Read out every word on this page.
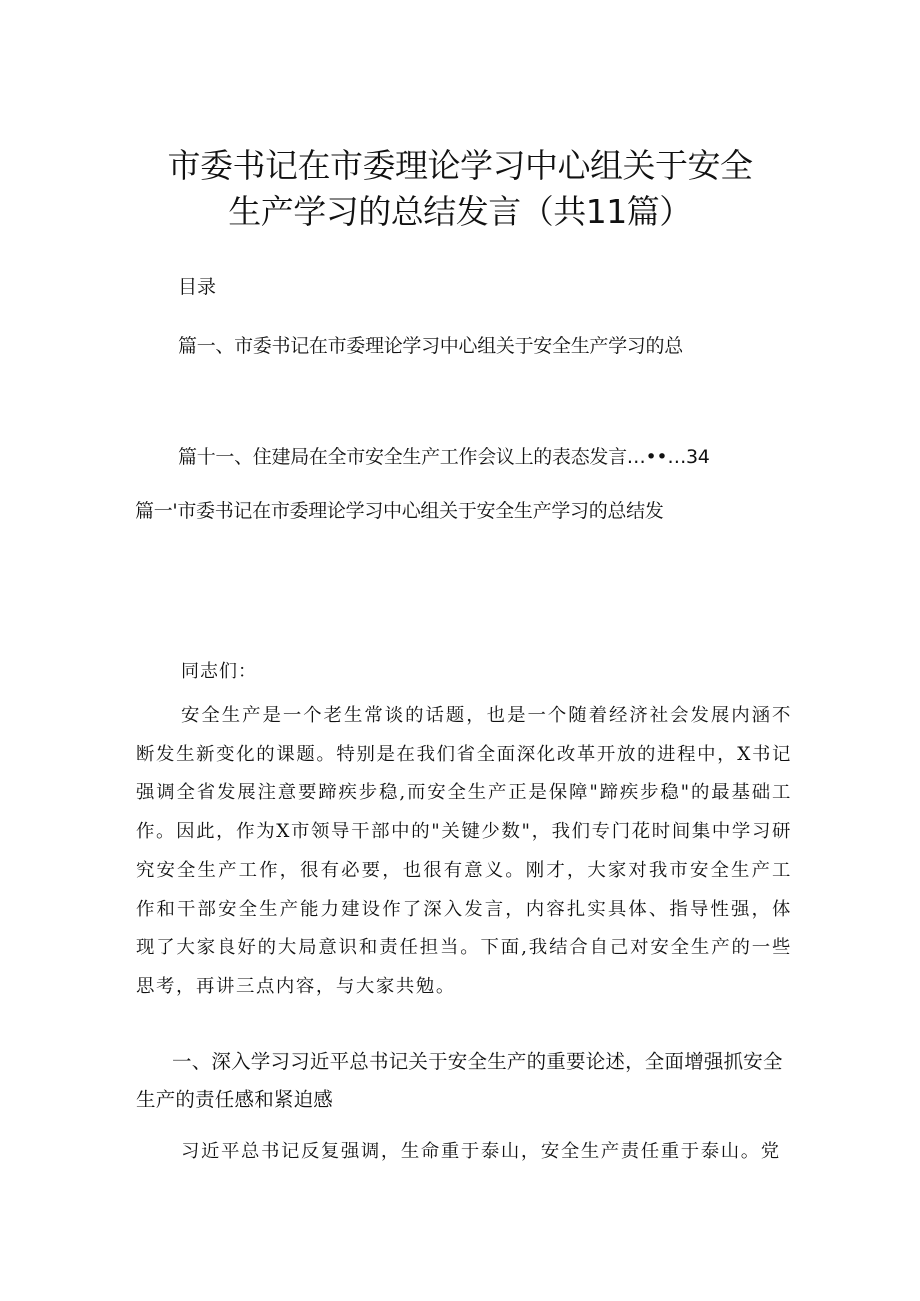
市委书记在市委理论学习中心组关于安全
生产学习的总结发言（共11篇）
目录
篇一、市委书记在市委理论学习中心组关于安全生产学习的总
篇十一、住建局在全市安全生产工作会议上的表态发言…••…34
篇一'市委书记在市委理论学习中心组关于安全生产学习的总结发
同志们：

安全生产是一个老生常谈的话题，也是一个随着经济社会发展内涵不断发生新变化的课题。特别是在我们省全面深化改革开放的进程中，X书记强调全省发展注意要蹄疾步稳,而安全生产正是保障"蹄疾步稳"的最基础工作。因此，作为X市领导干部中的"关键少数"，我们专门花时间集中学习研究安全生产工作，很有必要，也很有意义。刚才，大家对我市安全生产工作和干部安全生产能力建设作了深入发言，内容扎实具体、指导性强，体现了大家良好的大局意识和责任担当。下面,我结合自己对安全生产的一些思考，再讲三点内容，与大家共勉。

一、深入学习习近平总书记关于安全生产的重要论述，全面增强抓安全生产的责任感和紧迫感

习近平总书记反复强调，生命重于泰山，安全生产责任重于泰山。党
